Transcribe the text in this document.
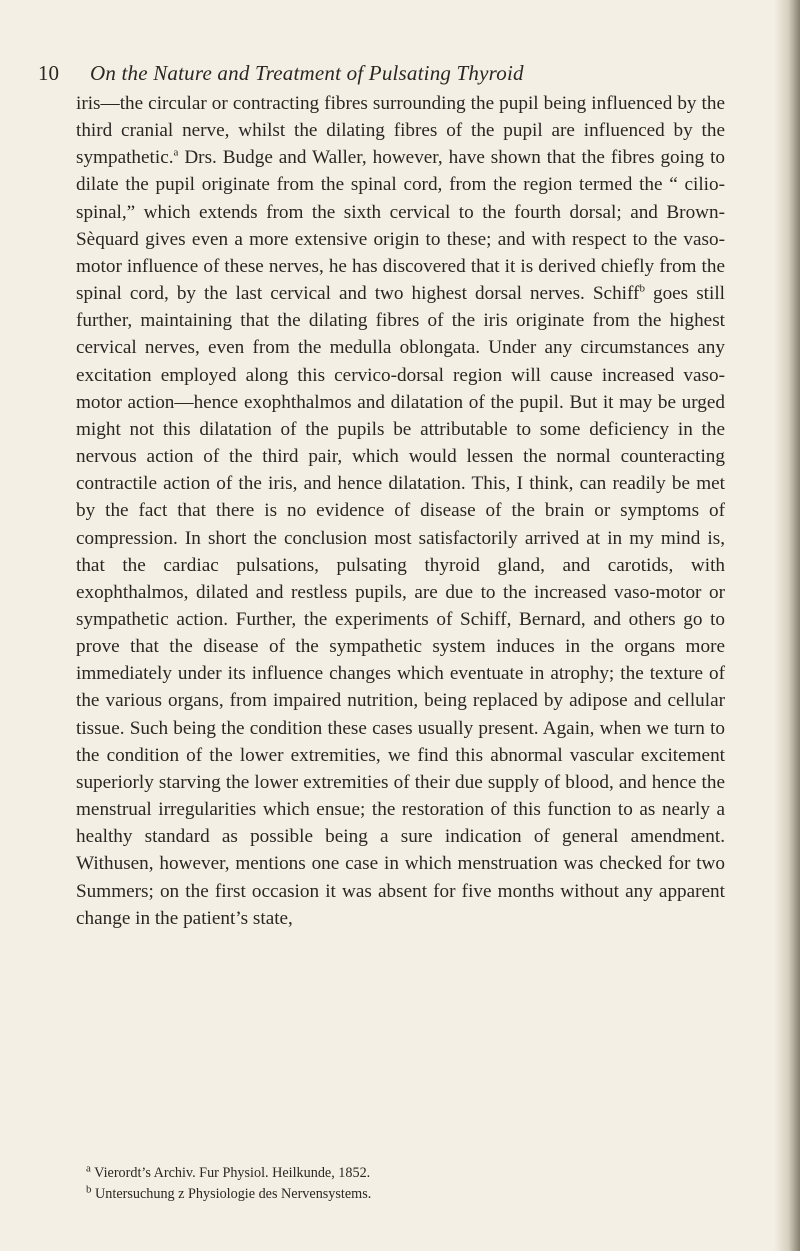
10 On the Nature and Treatment of Pulsating Thyroid

iris—the circular or contracting fibres surrounding the pupil being influenced by the third cranial nerve, whilst the dilating fibres of the pupil are influenced by the sympathetic.$^a$ Drs. Budge and Waller, however, have shown that the fibres going to dilate the pupil originate from the spinal cord, from the region termed the “ cilio-spinal,” which extends from the sixth cervical to the fourth dorsal; and Brown-Sèquard gives even a more extensive origin to these; and with respect to the vaso-motor influence of these nerves, he has discovered that it is derived chiefly from the spinal cord, by the last cervical and two highest dorsal nerves. Schiff$^b$ goes still further, maintaining that the dilating fibres of the iris originate from the highest cervical nerves, even from the medulla oblongata. Under any circumstances any excitation employed along this cervico-dorsal region will cause increased vaso-motor action—hence exophthalmos and dilatation of the pupil. But it may be urged might not this dilatation of the pupils be attributable to some deficiency in the nervous action of the third pair, which would lessen the normal counteracting contractile action of the iris, and hence dilatation. This, I think, can readily be met by the fact that there is no evidence of disease of the brain or symptoms of compression. In short the conclusion most satisfactorily arrived at in my mind is, that the cardiac pulsations, pulsating thyroid gland, and carotids, with exophthalmos, dilated and restless pupils, are due to the increased vaso-motor or sympathetic action. Further, the experiments of Schiff, Bernard, and others go to prove that the disease of the sympathetic system induces in the organs more immediately under its influence changes which eventuate in atrophy; the texture of the various organs, from impaired nutrition, being replaced by adipose and cellular tissue. Such being the condition these cases usually present. Again, when we turn to the condition of the lower extremities, we find this abnormal vascular excitement superiorly starving the lower extremities of their due supply of blood, and hence the menstrual irregularities which ensue; the restoration of this function to as nearly a healthy standard as possible being a sure indication of general amendment. Withusen, however, mentions one case in which menstruation was checked for two Summers; on the first occasion it was absent for five months without any apparent change in the patient’s state,

$^a$ Vierordt’s Archiv. Fur Physiol. Heilkunde, 1852.
$^b$ Untersuchung z Physiologie des Nervensystems.
